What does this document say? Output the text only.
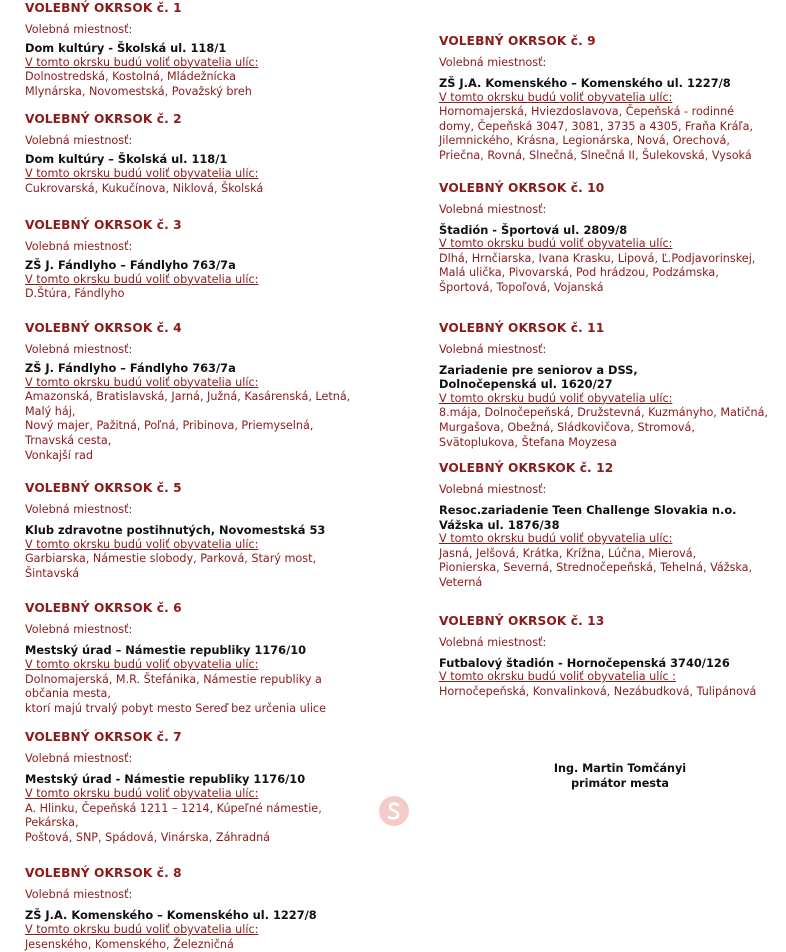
VOLEBNÝ OKRSOK č. 1
Volebná miestnosť:
Dom kultúry - Školská ul. 118/1
V tomto okrsku budú voliť obyvatelia ulíc:
Dolnostredská, Kostolná, Mládežnícka
Mlynárska, Novomestská, Považský breh
VOLEBNÝ OKRSOK č. 2
Volebná miestnosť:
Dom kultúry – Školská ul. 118/1
V tomto okrsku budú voliť obyvatelia ulíc:
Cukrovarská, Kukučínova, Niklová, Školská
VOLEBNÝ OKRSOK č. 3
Volebná miestnosť:
ZŠ J. Fándlyho – Fándlyho 763/7a
V tomto okrsku budú voliť obyvatelia ulíc:
D.Štúra, Fándlyho
VOLEBNÝ OKRSOK č. 4
Volebná miestnosť:
ZŠ J. Fándlyho – Fándlyho 763/7a
V tomto okrsku budú voliť obyvatelia ulíc:
Amazonská, Bratislavská, Jarná, Južná, Kasárenská, Letná, Malý háj,
Nový majer, Pažitná, Poľná, Pribinova, Priemyselná, Trnavská cesta,
Vonkajší rad
VOLEBNÝ OKRSOK č. 5
Volebná miestnosť:
Klub zdravotne postihnutých, Novomestská 53
V tomto okrsku budú voliť obyvatelia ulíc:
Garbiarska, Námestie slobody, Parková, Starý most, Šintavská
VOLEBNÝ OKRSOK č. 6
Volebná miestnosť:
Mestský úrad – Námestie republiky 1176/10
V tomto okrsku budú voliť obyvatelia ulíc:
Dolnomajerská, M.R. Štefánika, Námestie republiky a občania mesta,
ktorí majú trvalý pobyt mesto Sereď bez určenia ulice
VOLEBNÝ OKRSOK č. 7
Volebná miestnosť:
Mestský úrad - Námestie republiky 1176/10
V tomto okrsku budú voliť obyvatelia ulíc:
A. Hlinku, Čepeňská 1211 – 1214, Kúpeľné námestie, Pekárska,
Poštová, SNP, Spádová, Vinárska, Záhradná
VOLEBNÝ OKRSOK č. 8
Volebná miestnosť:
ZŠ J.A. Komenského – Komenského ul. 1227/8
V tomto okrsku budú voliť obyvatelia ulíc:
Jesenského, Komenského, Železničná
VOLEBNÝ OKRSOK č. 9
Volebná miestnosť:
ZŠ J.A. Komenského – Komenského ul. 1227/8
V tomto okrsku budú voliť obyvatelia ulíc:
Hornomajerská, Hviezdoslavova, Čepeňská - rodinné
domy, Čepeňská 3047, 3081, 3735 a 4305, Fraňa Kráľa,
Jilemnického, Krásna, Legionárska, Nová, Orechová,
Priečna, Rovná, Slnečná, Slnečná II, Šulekovská, Vysoká
VOLEBNÝ OKRSOK č. 10
Volebná miestnosť:
Štadión - Športová ul. 2809/8
V tomto okrsku budú voliť obyvatelia ulíc:
Dlhá, Hrnčiarska, Ivana Krasku, Lipová, Ľ.Podjavorinskej,
Malá ulička, Pivovarská, Pod hrádzou, Podzámska,
Športová, Topoľová, Vojanská
VOLEBNÝ OKRSOK č. 11
Volebná miestnosť:
Zariadenie pre seniorov a DSS,
Dolnočepenská ul. 1620/27
V tomto okrsku budú voliť obyvatelia ulíc:
8.mája, Dolnočepeňská, Družstevná, Kuzmányho, Matičná,
Murgašova, Obežná, Sládkovičova, Stromová,
Svätoplukova, Štefana Moyzesa
VOLEBNÝ OKRSKOK č. 12
Volebná miestnosť:
Resoc.zariadenie Teen Challenge Slovakia n.o.
Vážska ul. 1876/38
V tomto okrsku budú voliť obyvatelia ulíc:
Jasná, Jelšová, Krátka, Krížna, Lúčna, Mierová,
Pionierska, Severná, Strednočepeňská, Tehelná, Vážska,
Veterná
VOLEBNÝ OKRSOK č. 13
Volebná miestnosť:
Futbalový štadión - Hornočepenská 3740/126
V tomto okrsku budú voliť obyvatelia ulíc :
Hornočepeňská, Konvalinková, Nezábudková, Tulipánová
Ing. Martin Tomčányi
primátor mesta
